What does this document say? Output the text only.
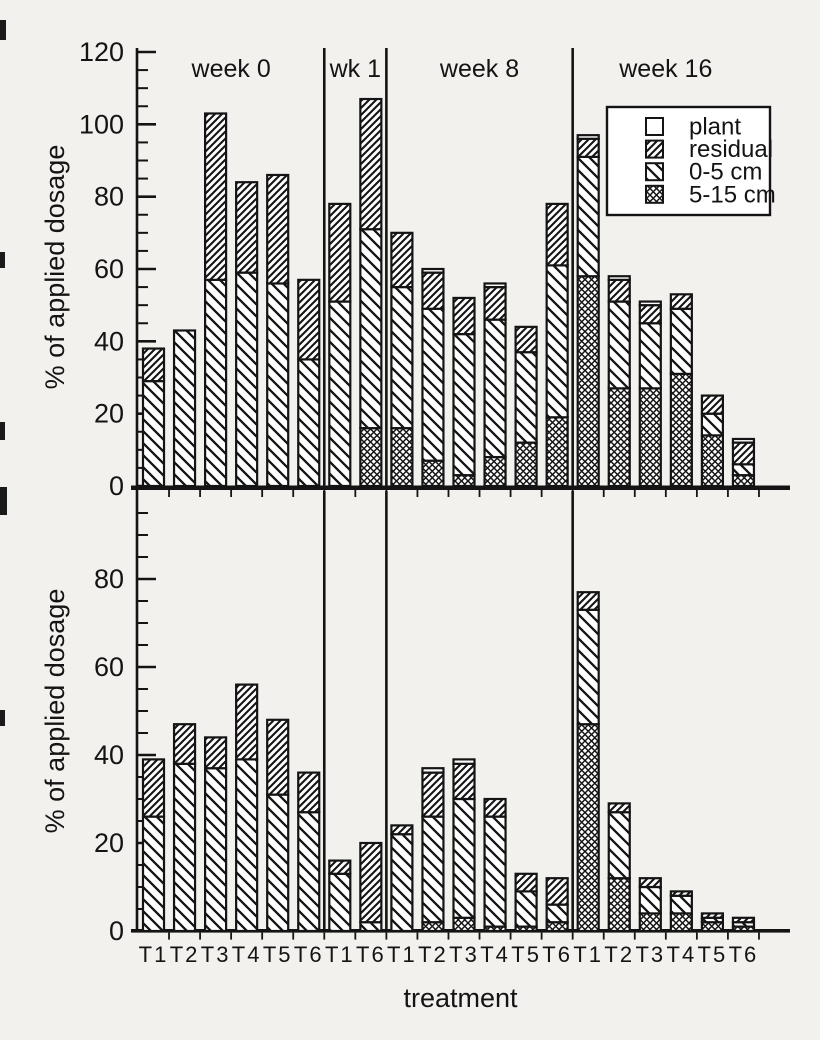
0
20
40
60
80
100
120
% of applied dosage
week 0 wk 1 week 8	week 16
0
20
40
60
80
% of applied dosage
T1 T2 T3 T4 T5 T6 T1 T6 T1 T2 T3 T4 T5 T6 T1 T2 T3 T4 T5 T6
treatment
plant
residual
0-5 cm
5-15 cm
